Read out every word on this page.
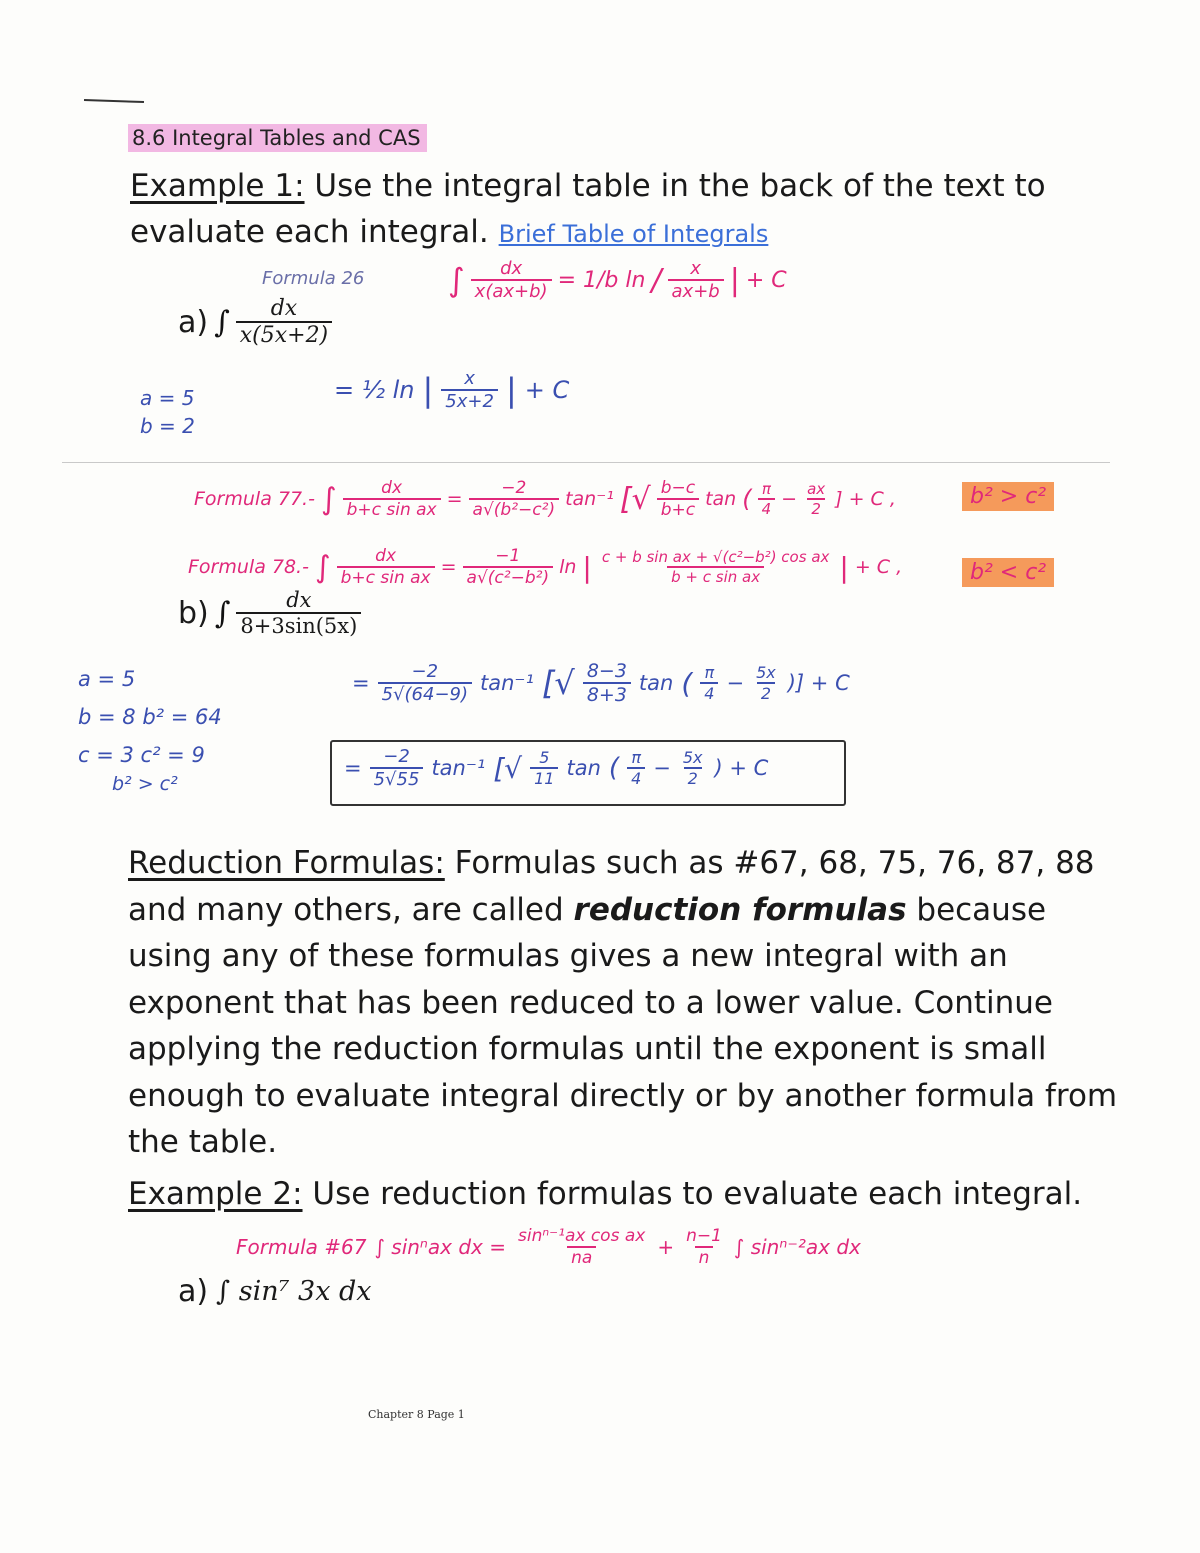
8.6 Integral Tables and CAS
Example 1: Use the integral table in the back of the text to evaluate each integral. Brief Table of Integrals
Formula 26	∫ $\frac{dx}{x(ax+b)} = 1/b$ ln / $\frac{x}{ax+b}$ | + C
a) ∫ $\frac{dx}{x(5x+2)}$
a = 5
b = 2
= ½ ln | $\frac{x}{5x+2}$ | + C
Formula 77.- ∫ $\frac{dx}{\text{b+c sin ax}} = \frac{-2}{\text{a√(b²−c²)}} \tan^{-1}$ [√ $\frac{b-c}{b+c}$ tan ( $\frac{\pi}{4} - \frac{ax}{2}$ ] + C ,	b² > c²
Formula 78.- ∫ $\frac{dx}{\text{b+c sin ax}} = \frac{-1}{\text{a√(c²−b²)}}$ ln | $\frac{\text{c + b sin ax + √(c²−b²) cos ax}}{\text{b + c sin ax}}$ | + C ,	b² < c²
b) ∫ $\frac{dx}{8+3\sin(5x)}$
a = 5
b = 8 b² = 64
c = 3 c² = 9
b² > c²
= $\frac{-2}{5√(64-9)} \tan^{-1}$ [√ $\frac{8-3}{8+3}$ tan ( $\frac{\pi}{4} - \frac{5x}{2}$ )] + C
= $\frac{-2}{5√55} \tan^{-1}$ [√ $\frac{5}{11}$ tan ( $\frac{\pi}{4} - \frac{5x}{2}$ ) + C
Reduction Formulas: Formulas such as #67, 68, 75, 76, 87, 88 and many others, are called reduction formulas because using any of these formulas gives a new integral with an exponent that has been reduced to a lower value. Continue applying the reduction formulas until the exponent is small enough to evaluate integral directly or by another formula from the table.
Example 2: Use reduction formulas to evaluate each integral.
Formula #67 ∫ sinⁿax dx = $\frac{\text{sinⁿ⁻¹ax cos ax}}{na} + \frac{n-1}{n}$ ∫ sinⁿ⁻²ax dx
a) ∫ sin⁷ 3x dx
Chapter 8 Page 1
